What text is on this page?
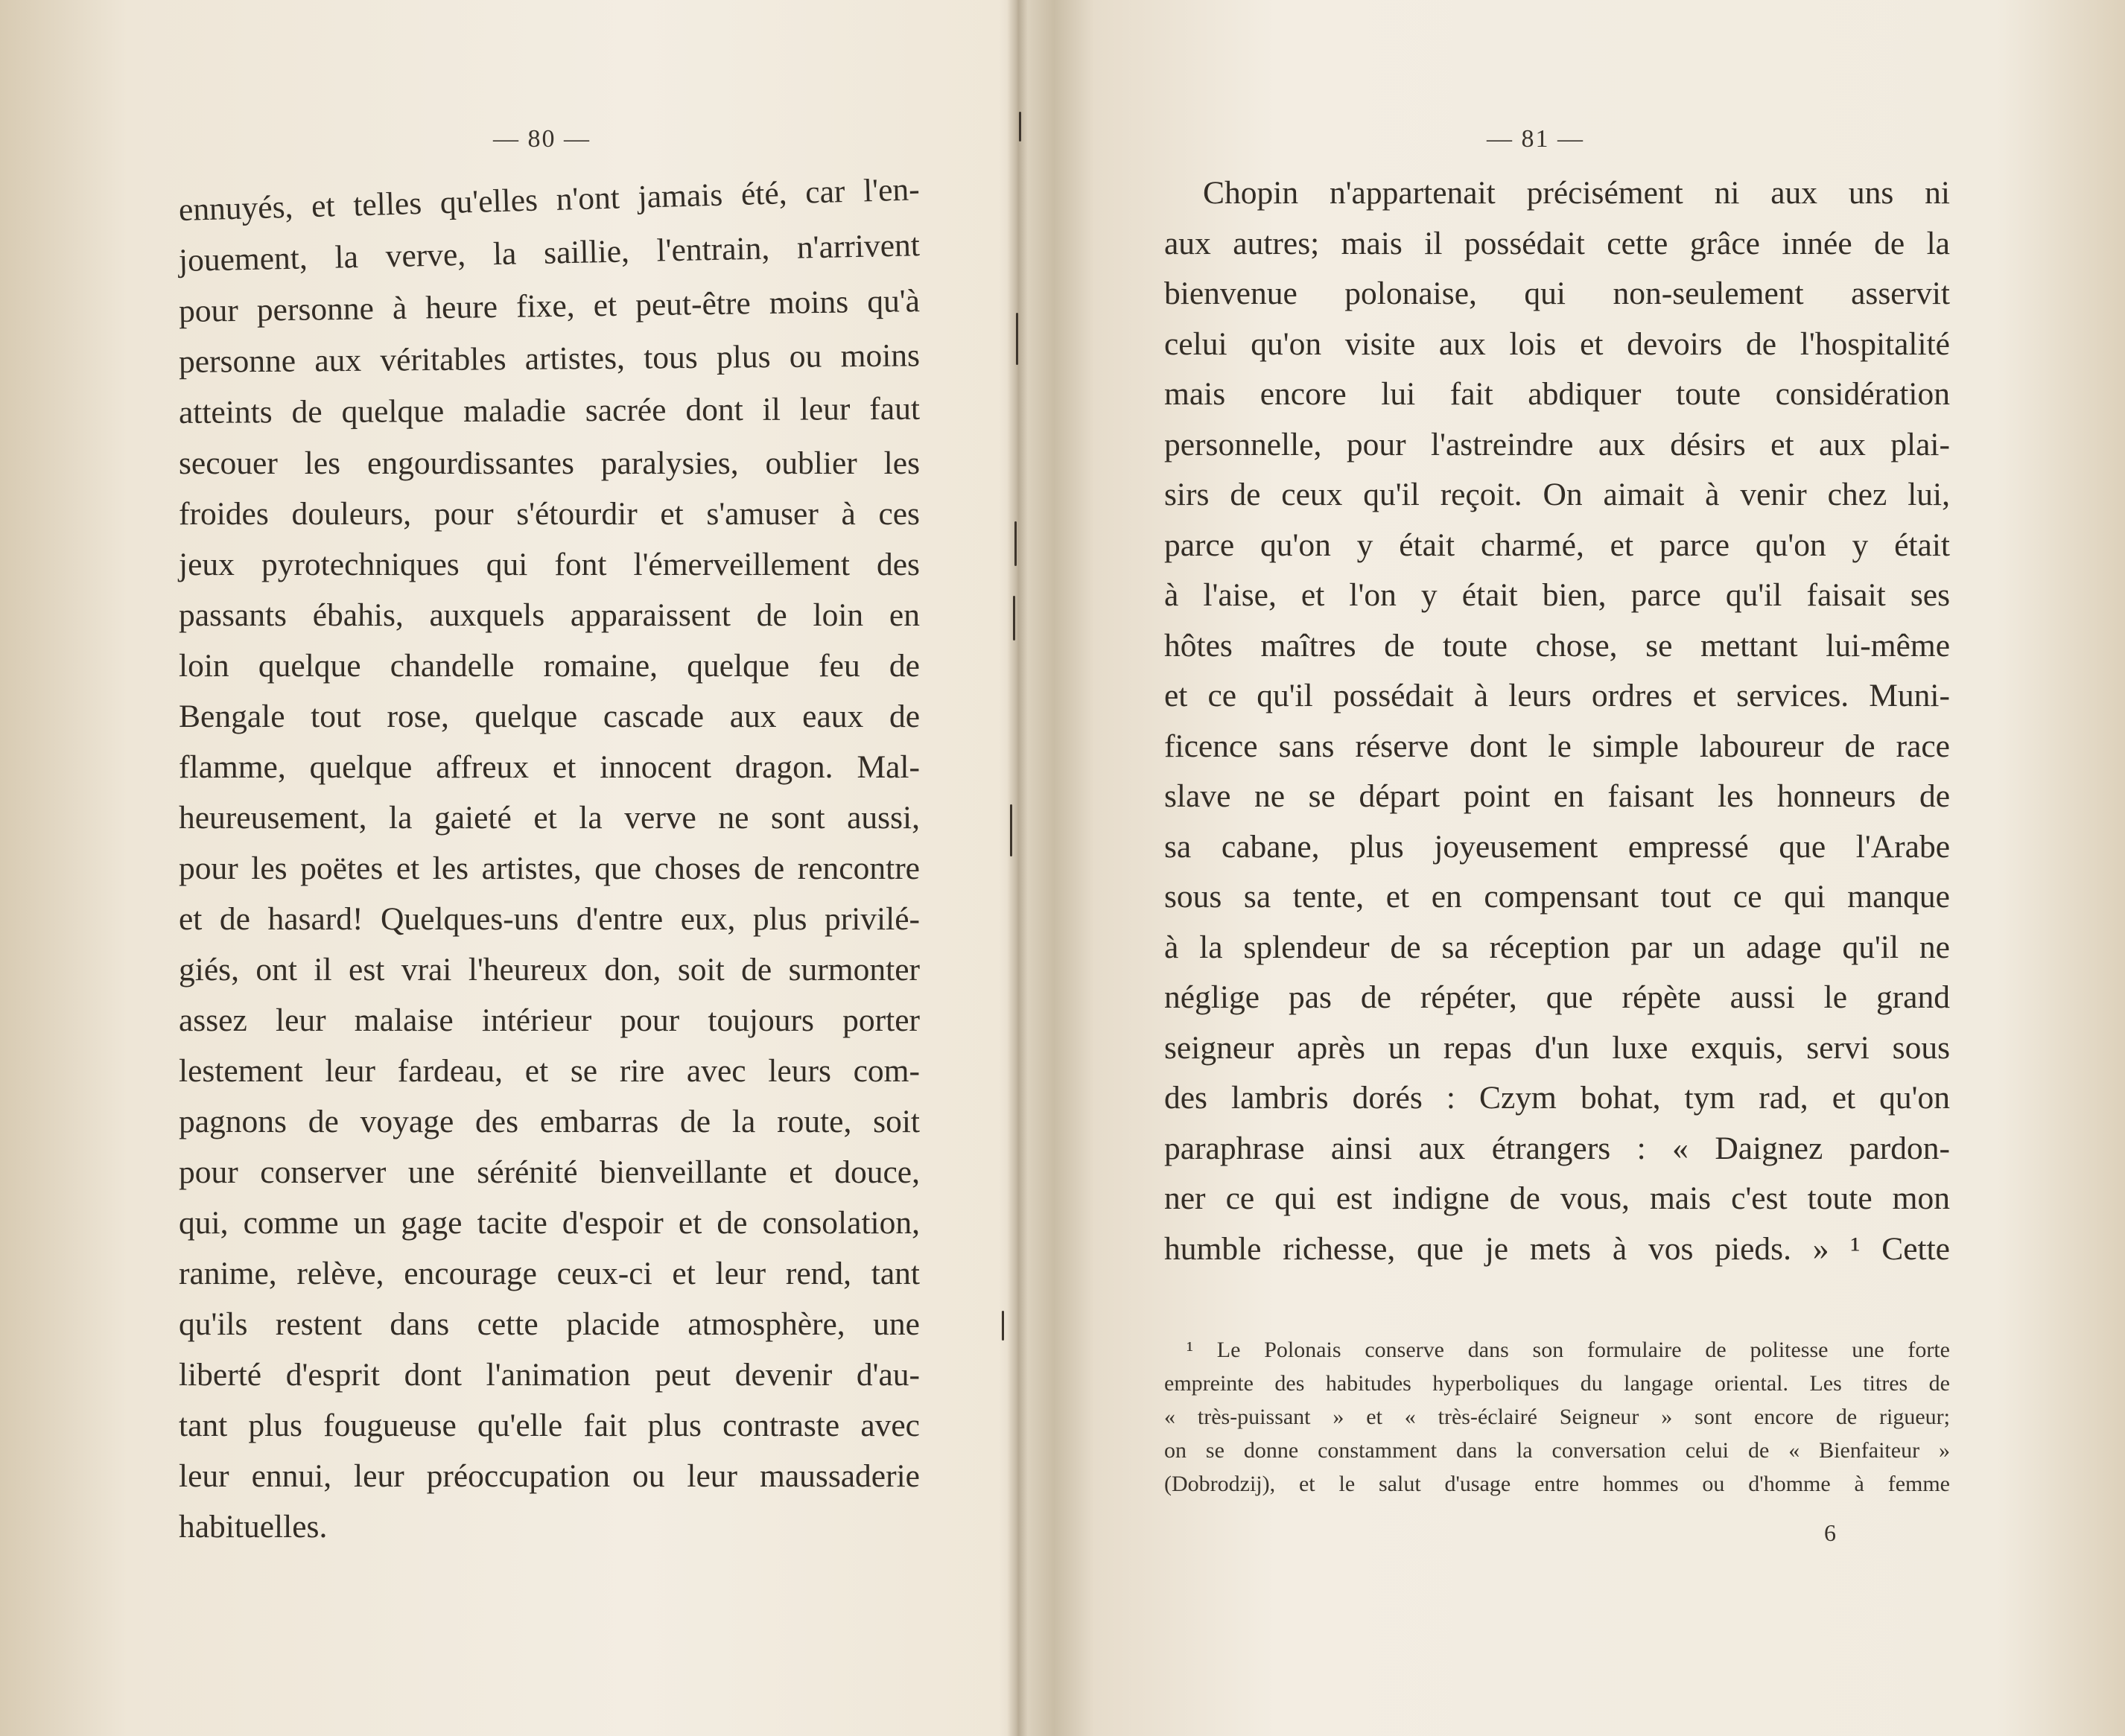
— 80 —
ennuyés, et telles qu'elles n'ont jamais été, car l'en-
jouement, la verve, la saillie, l'entrain, n'arrivent
pour personne à heure fixe, et peut-être moins qu'à
personne aux véritables artistes, tous plus ou moins
atteints de quelque maladie sacrée dont il leur faut
secouer les engourdissantes paralysies, oublier les
froides douleurs, pour s'étourdir et s'amuser à ces
jeux pyrotechniques qui font l'émerveillement des
passants ébahis, auxquels apparaissent de loin en
loin quelque chandelle romaine, quelque feu de
Bengale tout rose, quelque cascade aux eaux de
flamme, quelque affreux et innocent dragon. Mal-
heureusement, la gaieté et la verve ne sont aussi,
pour les poëtes et les artistes, que choses de rencontre
et de hasard! Quelques-uns d'entre eux, plus privilé-
giés, ont il est vrai l'heureux don, soit de surmonter
assez leur malaise intérieur pour toujours porter
lestement leur fardeau, et se rire avec leurs com-
pagnons de voyage des embarras de la route, soit
pour conserver une sérénité bienveillante et douce,
qui, comme un gage tacite d'espoir et de consolation,
ranime, relève, encourage ceux-ci et leur rend, tant
qu'ils restent dans cette placide atmosphère, une
liberté d'esprit dont l'animation peut devenir d'au-
tant plus fougueuse qu'elle fait plus contraste avec
leur ennui, leur préoccupation ou leur maussaderie
habituelles.
— 81 —
Chopin n'appartenait précisément ni aux uns ni
aux autres; mais il possédait cette grâce innée de la
bienvenue polonaise, qui non-seulement asservit
celui qu'on visite aux lois et devoirs de l'hospitalité
mais encore lui fait abdiquer toute considération
personnelle, pour l'astreindre aux désirs et aux plai-
sirs de ceux qu'il reçoit. On aimait à venir chez lui,
parce qu'on y était charmé, et parce qu'on y était
à l'aise, et l'on y était bien, parce qu'il faisait ses
hôtes maîtres de toute chose, se mettant lui-même
et ce qu'il possédait à leurs ordres et services. Muni-
ficence sans réserve dont le simple laboureur de race
slave ne se départ point en faisant les honneurs de
sa cabane, plus joyeusement empressé que l'Arabe
sous sa tente, et en compensant tout ce qui manque
à la splendeur de sa réception par un adage qu'il ne
néglige pas de répéter, que répète aussi le grand
seigneur après un repas d'un luxe exquis, servi sous
des lambris dorés : Czym bohat, tym rad, et qu'on
paraphrase ainsi aux étrangers : « Daignez pardon-
ner ce qui est indigne de vous, mais c'est toute mon
humble richesse, que je mets à vos pieds. » ¹ Cette
¹ Le Polonais conserve dans son formulaire de politesse une forte
empreinte des habitudes hyperboliques du langage oriental. Les titres de
« très-puissant » et « très-éclairé Seigneur » sont encore de rigueur;
on se donne constamment dans la conversation celui de « Bienfaiteur »
(Dobrodzij), et le salut d'usage entre hommes ou d'homme à femme
6
